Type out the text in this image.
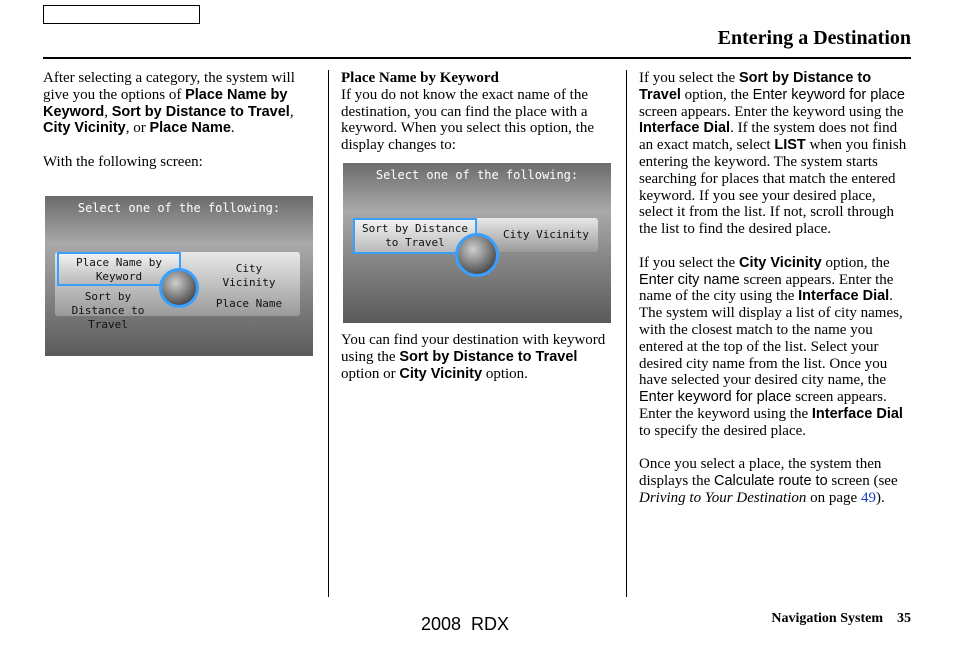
Entering a Destination

After selecting a category, the system will give you the options of Place Name by Keyword, Sort by Distance to Travel, City Vicinity, or Place Name.

With the following screen:

Select one of the following:
Place Name by Keyword
Sort by Distance to Travel
City Vicinity
Place Name
Place Name by Keyword

If you do not know the exact name of the destination, you can find the place with a keyword. When you select this option, the display changes to:

Select one of the following:
Sort by Distance to Travel
City Vicinity

You can find your destination with keyword using the Sort by Distance to Travel option or City Vicinity option.

If you select the Sort by Distance to Travel option, the Enter keyword for place screen appears. Enter the keyword using the Interface Dial. If the system does not find an exact match, select LIST when you finish entering the keyword. The system starts searching for places that match the entered keyword. If you see your desired place, select it from the list. If not, scroll through the list to find the desired place.

If you select the City Vicinity option, the Enter city name screen appears. Enter the name of the city using the Interface Dial. The system will display a list of city names, with the closest match to the name you entered at the top of the list. Select your desired city name from the list. Once you have selected your desired city name, the Enter keyword for place screen appears. Enter the keyword using the Interface Dial to specify the desired place.

Once you select a place, the system then displays the Calculate route to screen (see Driving to Your Destination on page 49).

2008  RDX	Navigation System 35
